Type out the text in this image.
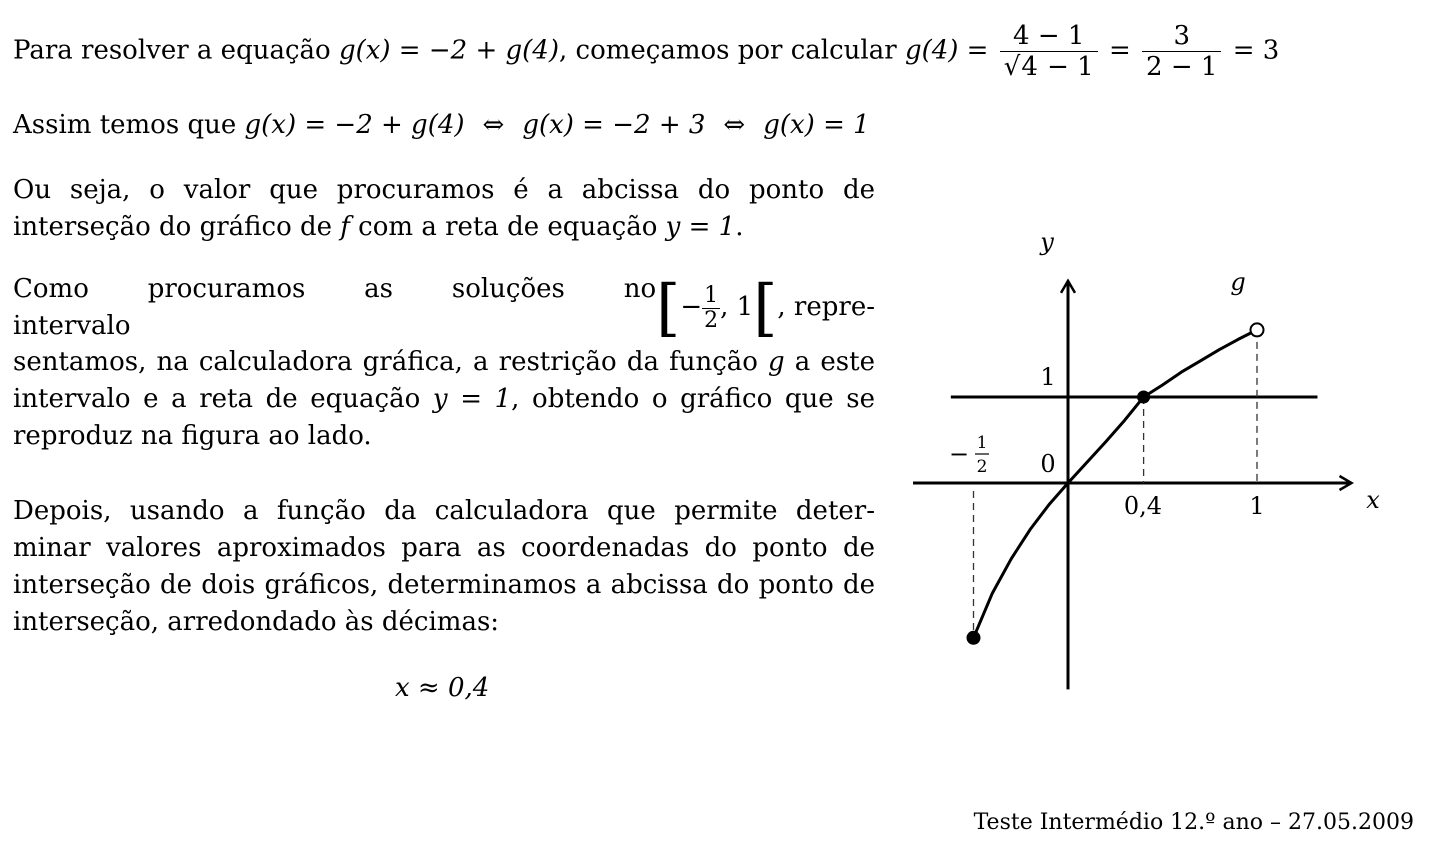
Para resolver a equação g(x) = −2 + g(4), começamos por calcular $g(4) = \frac{4 - 1}{√4 - 1} = \frac{3}{2 - 1} = 3$
Assim temos que g(x) = −2 + g(4) ⇔ g(x) = −2 + 3 ⇔ g(x) = 1
Ou seja, o valor que procuramos é a abcissa do ponto de
interseção do gráfico de f com a reta de equação y = 1.
Como procuramos as soluções no intervalo	[− $\frac{1}{2}$ , 1[, repre-
sentamos, na calculadora gráfica, a restrição da função g a este
intervalo e a reta de equação y = 1, obtendo o gráfico que se
reproduz na figura ao lado.
Depois, usando a função da calculadora que permite deter-
minar valores aproximados para as coordenadas do ponto de
interseção de dois gráficos, determinamos a abcissa do ponto de
interseção, arredondado às décimas:
x ≈ 0,4
y
x
g
0
1
0,4	1
− 1
2
Teste Intermédio 12.º ano – 27.05.2009
